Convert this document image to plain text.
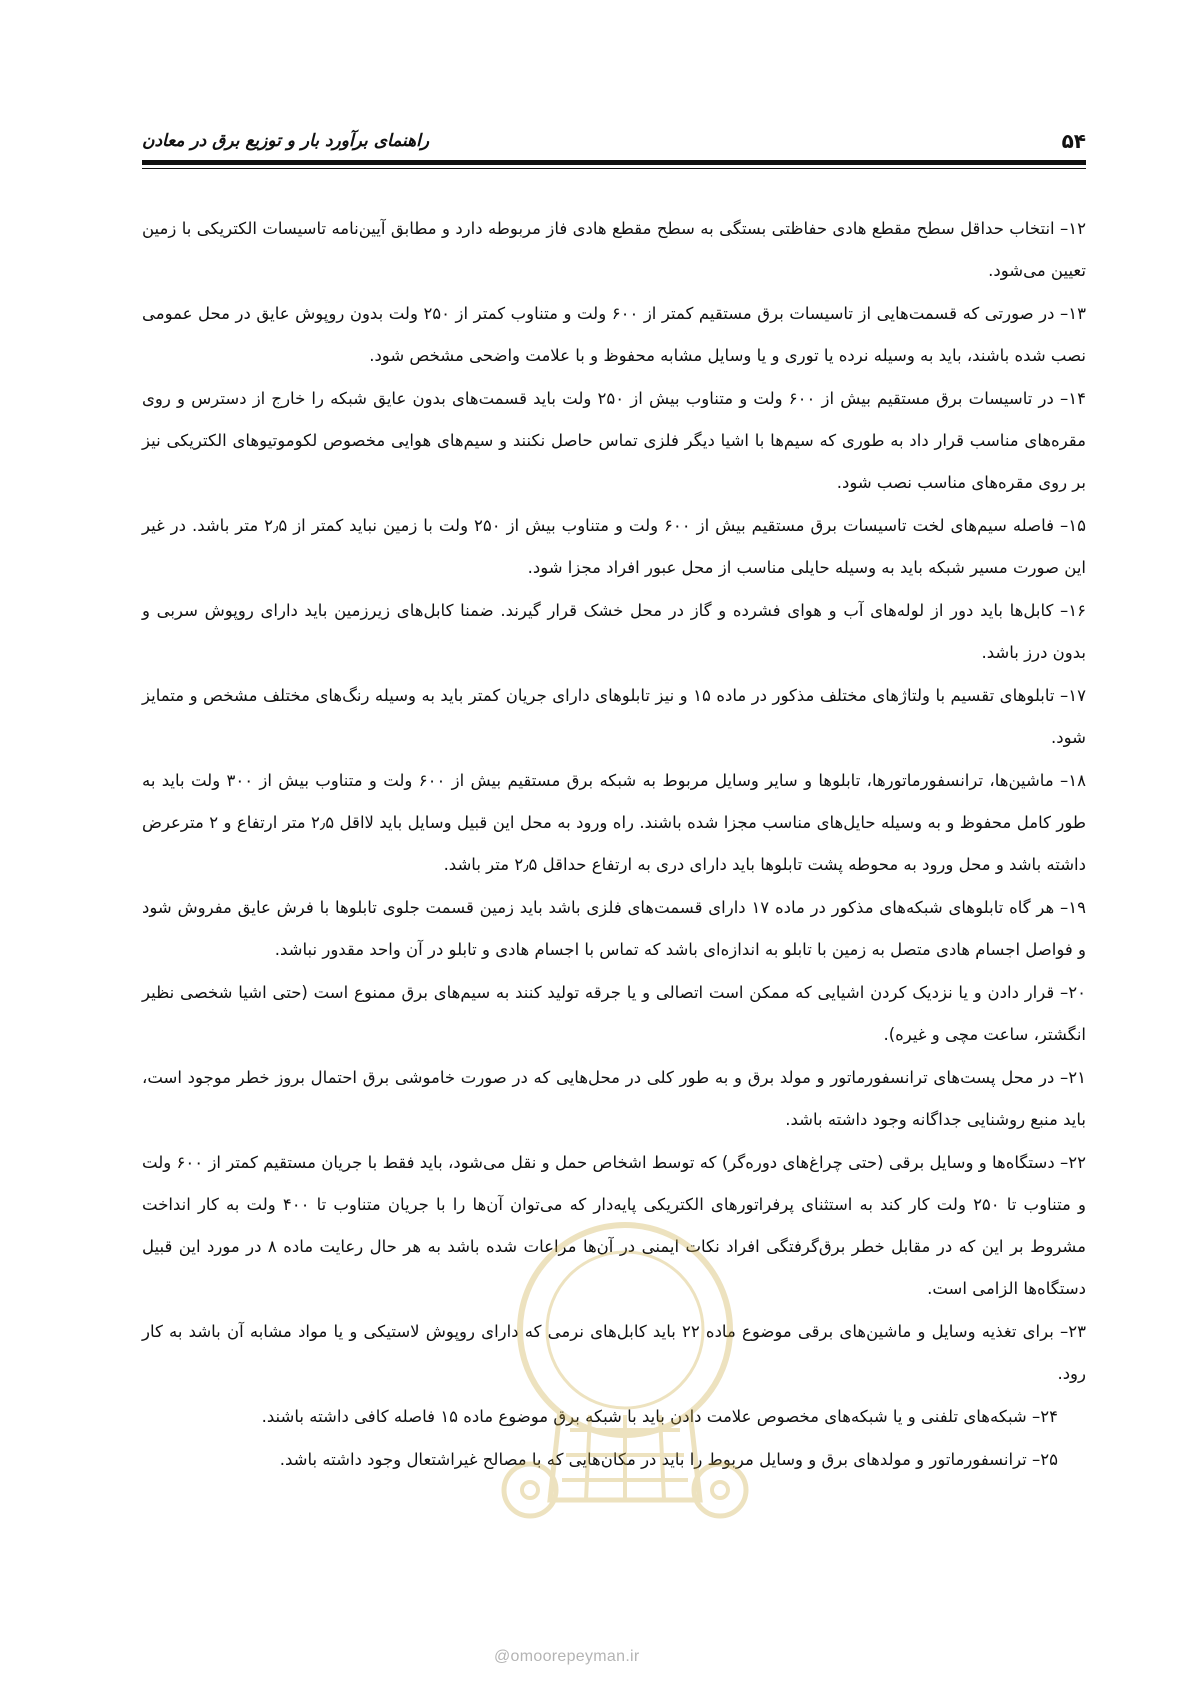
۵۴
راهنمای برآورد بار و توزیع برق در معادن

۱۲– انتخاب حداقل سطح مقطع هادی حفاظتی بستگی به سطح مقطع هادی فاز مربوطه دارد و مطابق آیین‌نامه تاسیسات الکتریکی با زمین تعیین می‌شود.

۱۳– در صورتی که قسمت‌هایی از تاسیسات برق مستقیم کمتر از ۶۰۰ ولت و متناوب کمتر از ۲۵۰ ولت بدون روپوش عایق در محل عمومی نصب شده باشند، باید به وسیله نرده یا توری و یا وسایل مشابه محفوظ و با علامت واضحی مشخص شود.

۱۴– در تاسیسات برق مستقیم بیش از ۶۰۰ ولت و متناوب بیش از ۲۵۰ ولت باید قسمت‌های بدون عایق شبکه را خارج از دسترس و روی مقره‌های مناسب قرار داد به طوری که سیم‌ها با اشیا دیگر فلزی تماس حاصل نکنند و سیم‌های هوایی مخصوص لکوموتیوهای الکتریکی نیز بر روی مقره‌های مناسب نصب شود.

۱۵– فاصله سیم‌های لخت تاسیسات برق مستقیم بیش از ۶۰۰ ولت و متناوب بیش از ۲۵۰ ولت با زمین نباید کمتر از ۲٫۵ متر باشد. در غیر این صورت مسیر شبکه باید به وسیله حایلی مناسب از محل عبور افراد مجزا شود.

۱۶– کابل‌ها باید دور از لوله‌های آب و هوای فشرده و گاز در محل خشک قرار گیرند. ضمنا کابل‌های زیرزمین باید دارای روپوش سربی و بدون درز باشد.

۱۷– تابلوهای تقسیم با ولتاژهای مختلف مذکور در ماده ۱۵ و نیز تابلوهای دارای جریان کمتر باید به وسیله رنگ‌های مختلف مشخص و متمایز شود.

۱۸– ماشین‌ها، ترانسفورماتورها، تابلوها و سایر وسایل مربوط به شبکه برق مستقیم بیش از ۶۰۰ ولت و متناوب بیش از ۳۰۰ ولت باید به طور کامل محفوظ و به وسیله حایل‌های مناسب مجزا شده باشند. راه ورود به محل این قبیل وسایل باید لااقل ۲٫۵ متر ارتفاع و ۲ مترعرض داشته باشد و محل ورود به محوطه پشت تابلوها باید دارای دری به ارتفاع حداقل ۲٫۵ متر باشد.

۱۹– هر گاه تابلوهای شبکه‌های مذکور در ماده ۱۷ دارای قسمت‌های فلزی باشد باید زمین قسمت جلوی تابلوها با فرش عایق مفروش شود و فواصل اجسام هادی متصل به زمین با تابلو به اندازه‌ای باشد که تماس با اجسام هادی و تابلو در آن واحد مقدور نباشد.

۲۰– قرار دادن و یا نزدیک کردن اشیایی که ممکن است اتصالی و یا جرقه تولید کنند به سیم‌های برق ممنوع است (حتی اشیا شخصی نظیر انگشتر، ساعت مچی و غیره).

۲۱– در محل پست‌های ترانسفورماتور و مولد برق و به طور کلی در محل‌هایی که در صورت خاموشی برق احتمال بروز خطر موجود است، باید منبع روشنایی جداگانه وجود داشته باشد.

۲۲– دستگاه‌ها و وسایل برقی (حتی چراغ‌های دوره‌گر) که توسط اشخاص حمل و نقل می‌شود، باید فقط با جریان مستقیم کمتر از ۶۰۰ ولت و متناوب تا ۲۵۰ ولت کار کند به استثنای پرفراتورهای الکتریکی پایه‌دار که می‌توان آن‌ها را با جریان متناوب تا ۴۰۰ ولت به کار انداخت مشروط بر این که در مقابل خطر برق‌گرفتگی افراد نکات ایمنی در آن‌ها مراعات شده باشد به هر حال رعایت ماده ۸ در مورد این قبیل دستگاه‌ها الزامی است.

۲۳– برای تغذیه وسایل و ماشین‌های برقی موضوع ماده ۲۲ باید کابل‌های نرمی که دارای روپوش لاستیکی و یا مواد مشابه آن باشد به کار رود.

۲۴– شبکه‌های تلفنی و یا شبکه‌های مخصوص علامت دادن باید با شبکه برق موضوع ماده ۱۵ فاصله کافی داشته باشند.

۲۵– ترانسفورماتور و مولدهای برق و وسایل مربوط را باید در مکان‌هایی که با مصالح غیراشتعال وجود داشته باشد.

@omoorepeyman.ir
